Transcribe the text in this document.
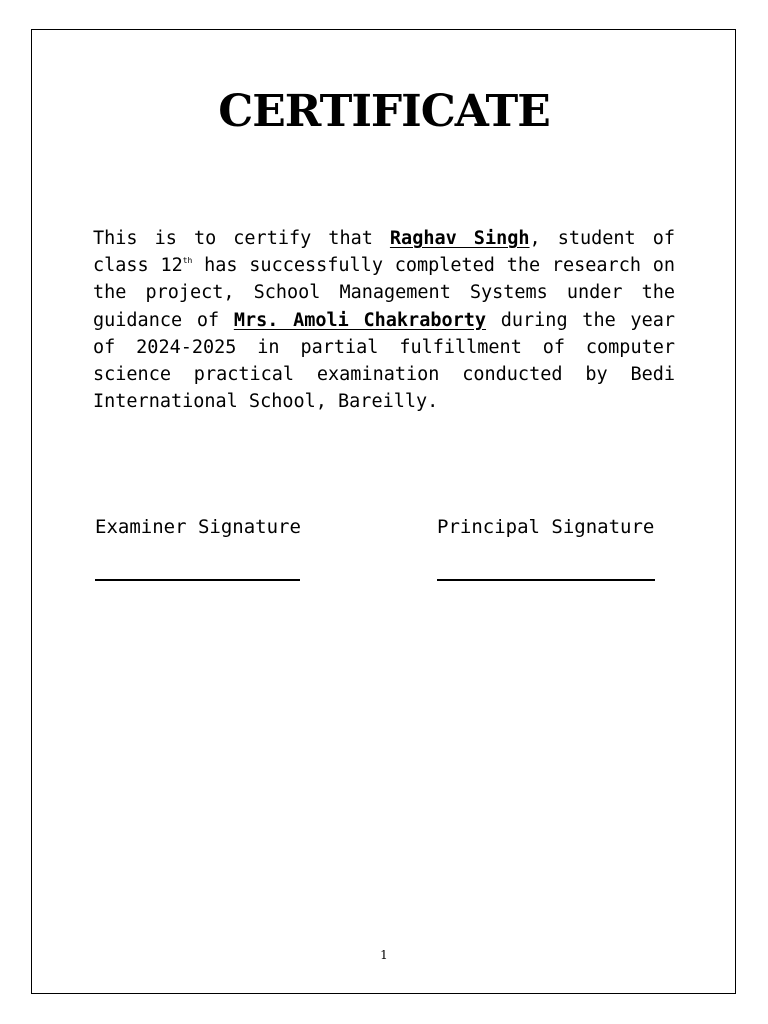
CERTIFICATE

This is to certify that Raghav Singh, student of class 12th has successfully completed the research on the project, School Management Systems under the guidance of Mrs. Amoli Chakraborty during the year of 2024-2025 in partial fulfillment of computer science practical examination conducted by Bedi International School, Bareilly.

Examiner Signature	Principal Signature

1
